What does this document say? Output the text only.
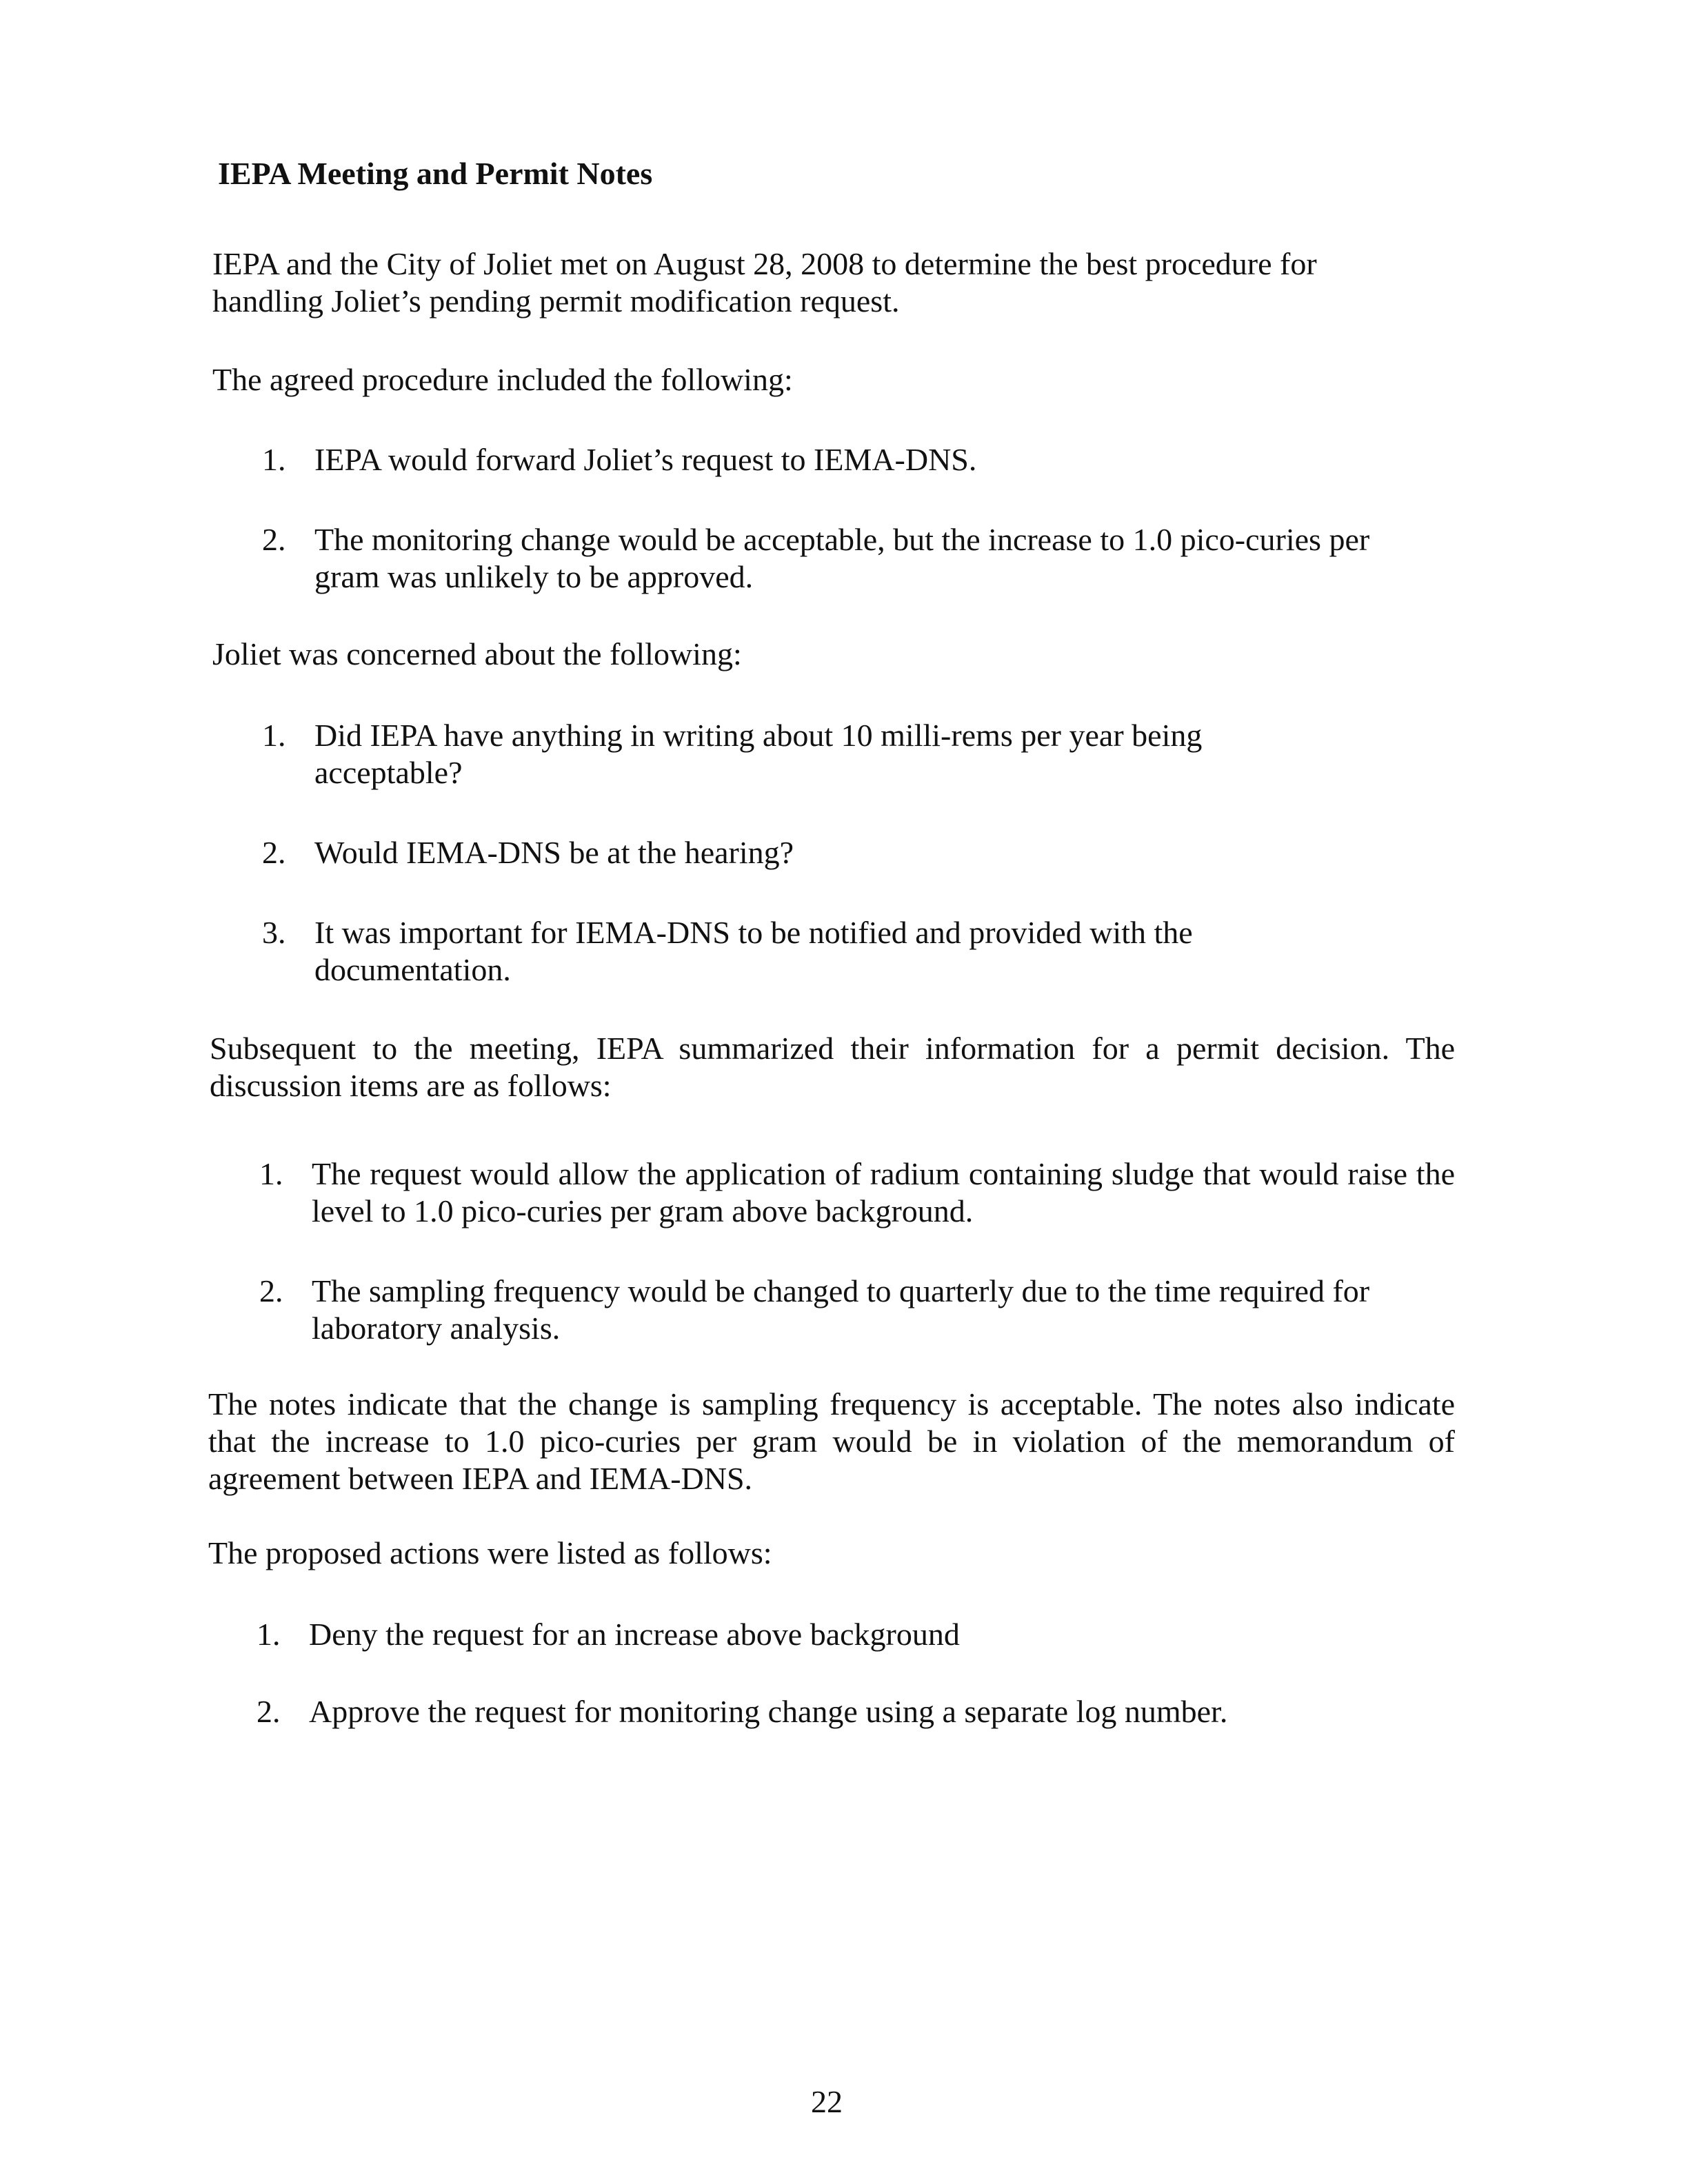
IEPA Meeting and Permit Notes

IEPA and the City of Joliet met on August 28, 2008 to determine the best procedure for handling Joliet’s pending permit modification request.

The agreed procedure included the following:

1. IEPA would forward Joliet’s request to IEMA-DNS.
2. The monitoring change would be acceptable, but the increase to 1.0 pico-curies per gram was unlikely to be approved.

Joliet was concerned about the following:

1. Did IEPA have anything in writing about 10 milli-rems per year being acceptable?
2. Would IEMA-DNS be at the hearing?
3. It was important for IEMA-DNS to be notified and provided with the documentation.

Subsequent to the meeting, IEPA summarized their information for a permit decision. The discussion items are as follows:

1. The request would allow the application of radium containing sludge that would raise the level to 1.0 pico-curies per gram above background.
2. The sampling frequency would be changed to quarterly due to the time required for laboratory analysis.

The notes indicate that the change is sampling frequency is acceptable. The notes also indicate that the increase to 1.0 pico-curies per gram would be in violation of the memorandum of agreement between IEPA and IEMA-DNS.

The proposed actions were listed as follows:

1. Deny the request for an increase above background
2. Approve the request for monitoring change using a separate log number.
22
